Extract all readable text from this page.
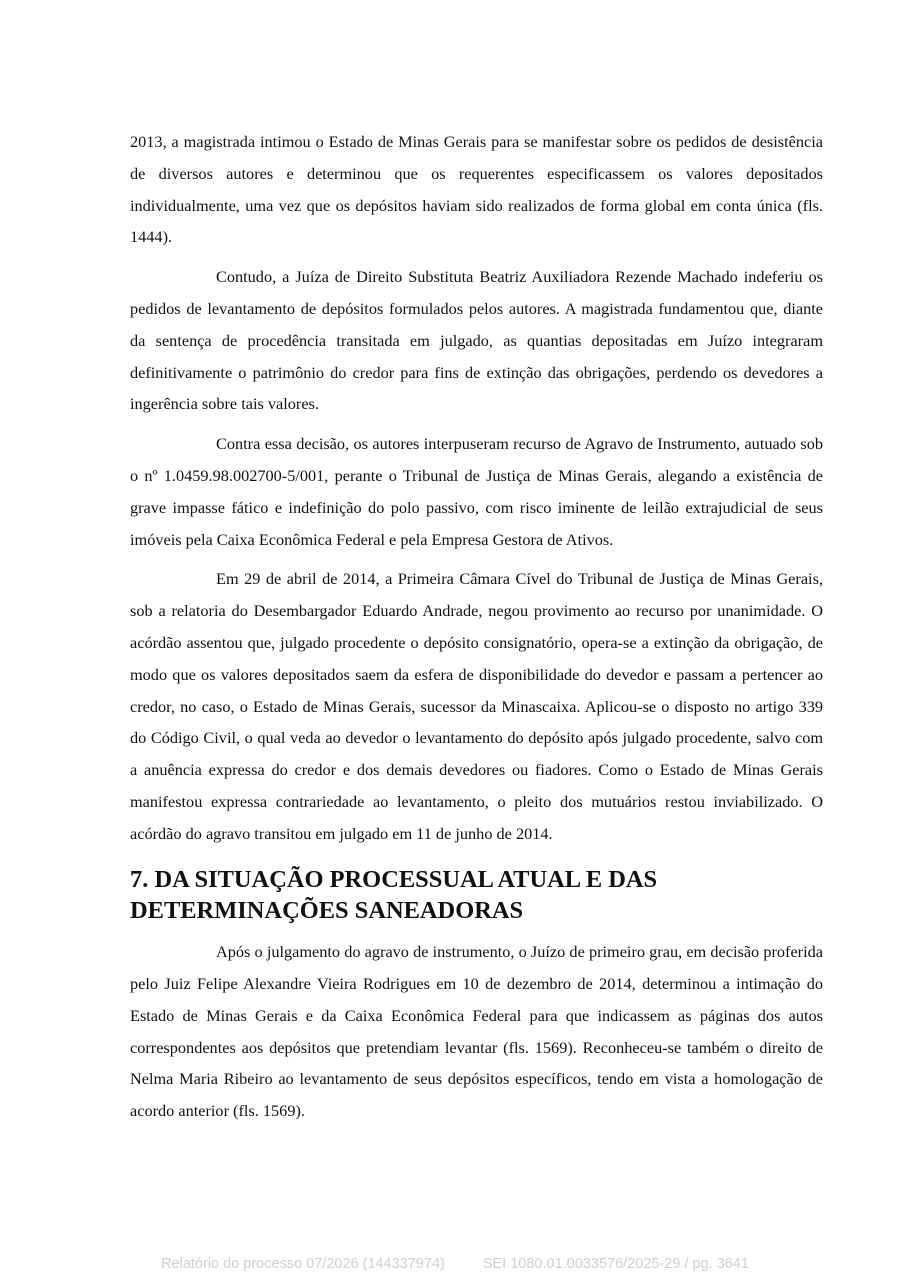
2013, a magistrada intimou o Estado de Minas Gerais para se manifestar sobre os pedidos de desistência de diversos autores e determinou que os requerentes especificassem os valores depositados individualmente, uma vez que os depósitos haviam sido realizados de forma global em conta única (fls. 1444).

Contudo, a Juíza de Direito Substituta Beatriz Auxiliadora Rezende Machado indeferiu os pedidos de levantamento de depósitos formulados pelos autores. A magistrada fundamentou que, diante da sentença de procedência transitada em julgado, as quantias depositadas em Juízo integraram definitivamente o patrimônio do credor para fins de extinção das obrigações, perdendo os devedores a ingerência sobre tais valores.

Contra essa decisão, os autores interpuseram recurso de Agravo de Instrumento, autuado sob o nº 1.0459.98.002700-5/001, perante o Tribunal de Justiça de Minas Gerais, alegando a existência de grave impasse fático e indefinição do polo passivo, com risco iminente de leilão extrajudicial de seus imóveis pela Caixa Econômica Federal e pela Empresa Gestora de Ativos.

Em 29 de abril de 2014, a Primeira Câmara Cível do Tribunal de Justiça de Minas Gerais, sob a relatoria do Desembargador Eduardo Andrade, negou provimento ao recurso por unanimidade. O acórdão assentou que, julgado procedente o depósito consignatório, opera-se a extinção da obrigação, de modo que os valores depositados saem da esfera de disponibilidade do devedor e passam a pertencer ao credor, no caso, o Estado de Minas Gerais, sucessor da Minascaixa. Aplicou-se o disposto no artigo 339 do Código Civil, o qual veda ao devedor o levantamento do depósito após julgado procedente, salvo com a anuência expressa do credor e dos demais devedores ou fiadores. Como o Estado de Minas Gerais manifestou expressa contrariedade ao levantamento, o pleito dos mutuários restou inviabilizado. O acórdão do agravo transitou em julgado em 11 de junho de 2014.

7. DA SITUAÇÃO PROCESSUAL ATUAL E DAS DETERMINAÇÕES SANEADORAS

Após o julgamento do agravo de instrumento, o Juízo de primeiro grau, em decisão proferida pelo Juiz Felipe Alexandre Vieira Rodrigues em 10 de dezembro de 2014, determinou a intimação do Estado de Minas Gerais e da Caixa Econômica Federal para que indicassem as páginas dos autos correspondentes aos depósitos que pretendiam levantar (fls. 1569). Reconheceu-se também o direito de Nelma Maria Ribeiro ao levantamento de seus depósitos específicos, tendo em vista a homologação de acordo anterior (fls. 1569).

Relatório do processo 07/2026 (144337974)	SEI 1080.01.0033576/2025-29 / pg. 3641
